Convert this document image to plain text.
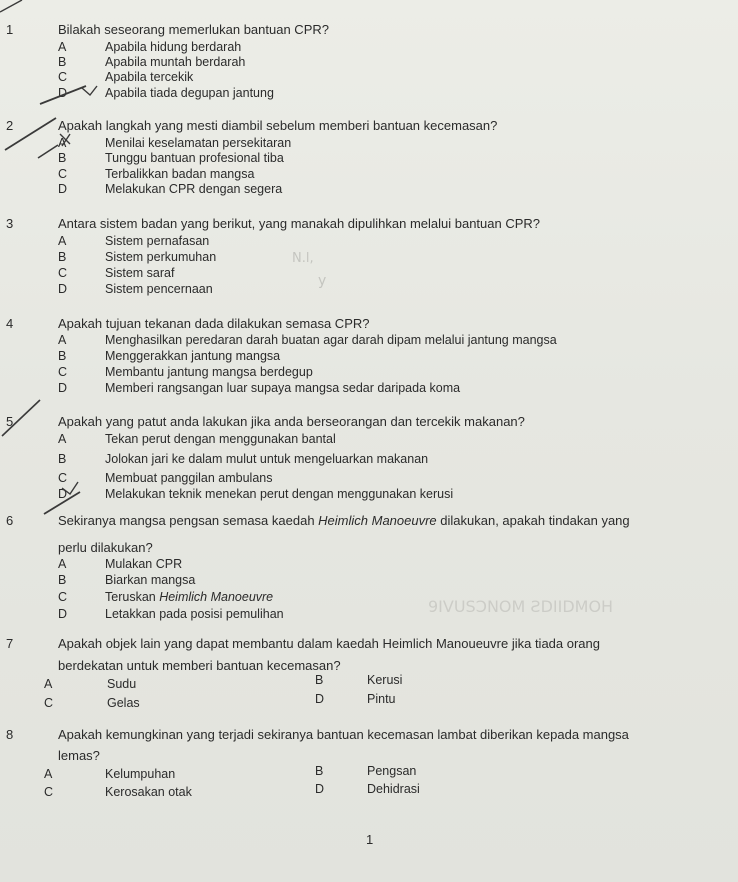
1	Bilakah seseorang memerlukan bantuan CPR?
A	Apabila hidung berdarah
B	Apabila muntah berdarah
C	Apabila tercekik
D	Apabila tiada degupan jantung
2	Apakah langkah yang mesti diambil sebelum memberi bantuan kecemasan?
A	Menilai keselamatan persekitaran
B	Tunggu bantuan profesional tiba
C	Terbalikkan badan mangsa
D	Melakukan CPR dengan segera
3	Antara sistem badan yang berikut, yang manakah dipulihkan melalui bantuan CPR?
A	Sistem pernafasan
B	Sistem perkumuhan
C	Sistem saraf
D	Sistem pencernaan
4	Apakah tujuan tekanan dada dilakukan semasa CPR?
A	Menghasilkan peredaran darah buatan agar darah dipam melalui jantung mangsa
B	Menggerakkan jantung mangsa
C	Membantu jantung mangsa berdegup
D	Memberi rangsangan luar supaya mangsa sedar daripada koma
5	Apakah yang patut anda lakukan jika anda berseorangan dan tercekik makanan?
A	Tekan perut dengan menggunakan bantal
B	Jolokan jari ke dalam mulut untuk mengeluarkan makanan
C	Membuat panggilan ambulans
D	Melakukan teknik menekan perut dengan menggunakan kerusi
6	Sekiranya mangsa pengsan semasa kaedah Heimlich Manoeuvre dilakukan, apakah tindakan yang
perlu dilakukan?
A	Mulakan CPR
B	Biarkan mangsa
C	Teruskan Heimlich Manoeuvre
D	Letakkan pada posisi pemulihan
7	Apakah objek lain yang dapat membantu dalam kaedah Heimlich Manoueuvre jika tiada orang
berdekatan untuk memberi bantuan kecemasan?
A	Sudu	B	Kerusi
C	Gelas	D	Pintu
8	Apakah kemungkinan yang terjadi sekiranya bantuan kecemasan lambat diberikan kepada mangsa
lemas?
A	Kelumpuhan	B	Pengsan
C	Kerosakan otak	D	Dehidrasi
1
N.l,
y
9IVUSƆNOM ƧDIIDMOH
